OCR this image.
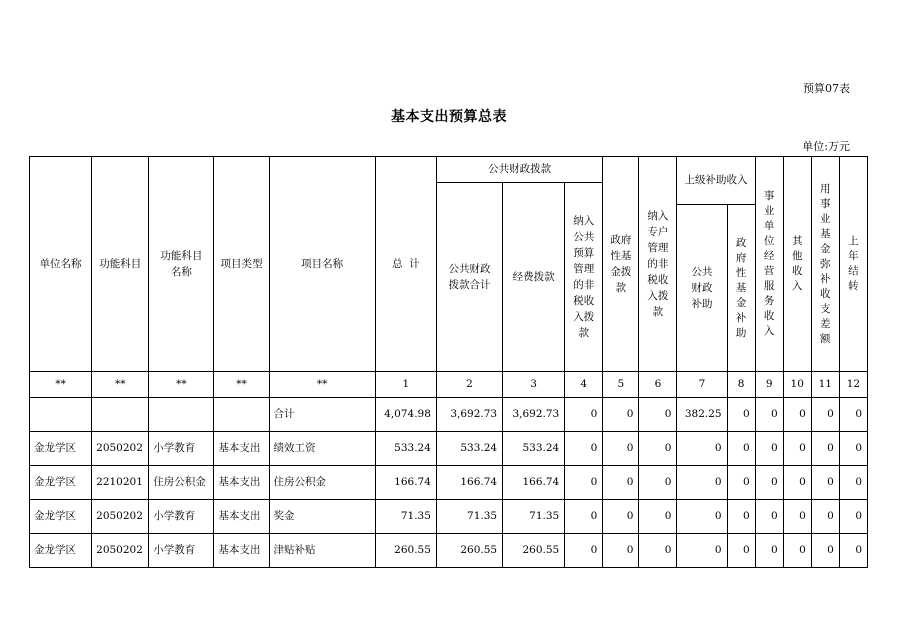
预算07表
基本支出预算总表
单位:万元
单位名称	功能科目	功能科目名称	项目类型	项目名称	总  计	公共财政拨款			政府性基金拨款	纳入专户管理的非税收入拨款	上级补助收入		事业单位经营服务收入	其他收入	用事业基金弥补收支差额	上年结转
						公共财政拨款合计	经费拨款	纳入公共预算管理的非税收入拨款								
											公共财政补助	政府性基金补助				
**	**	**	**	**	1	2	3	4	5	6	7	8	9	10	11	12
				合计	4,074.98	3,692.73	3,692.73	0	0	0	382.25	0	0	0	0	0
金龙学区	2050202	小学教育	基本支出	绩效工资	533.24	533.24	533.24	0	0	0	0	0	0	0	0	0
金龙学区	2210201	住房公积金	基本支出	住房公积金	166.74	166.74	166.74	0	0	0	0	0	0	0	0	0
金龙学区	2050202	小学教育	基本支出	奖金	71.35	71.35	71.35	0	0	0	0	0	0	0	0	0
金龙学区	2050202	小学教育	基本支出	津贴补贴	260.55	260.55	260.55	0	0	0	0	0	0	0	0	0
